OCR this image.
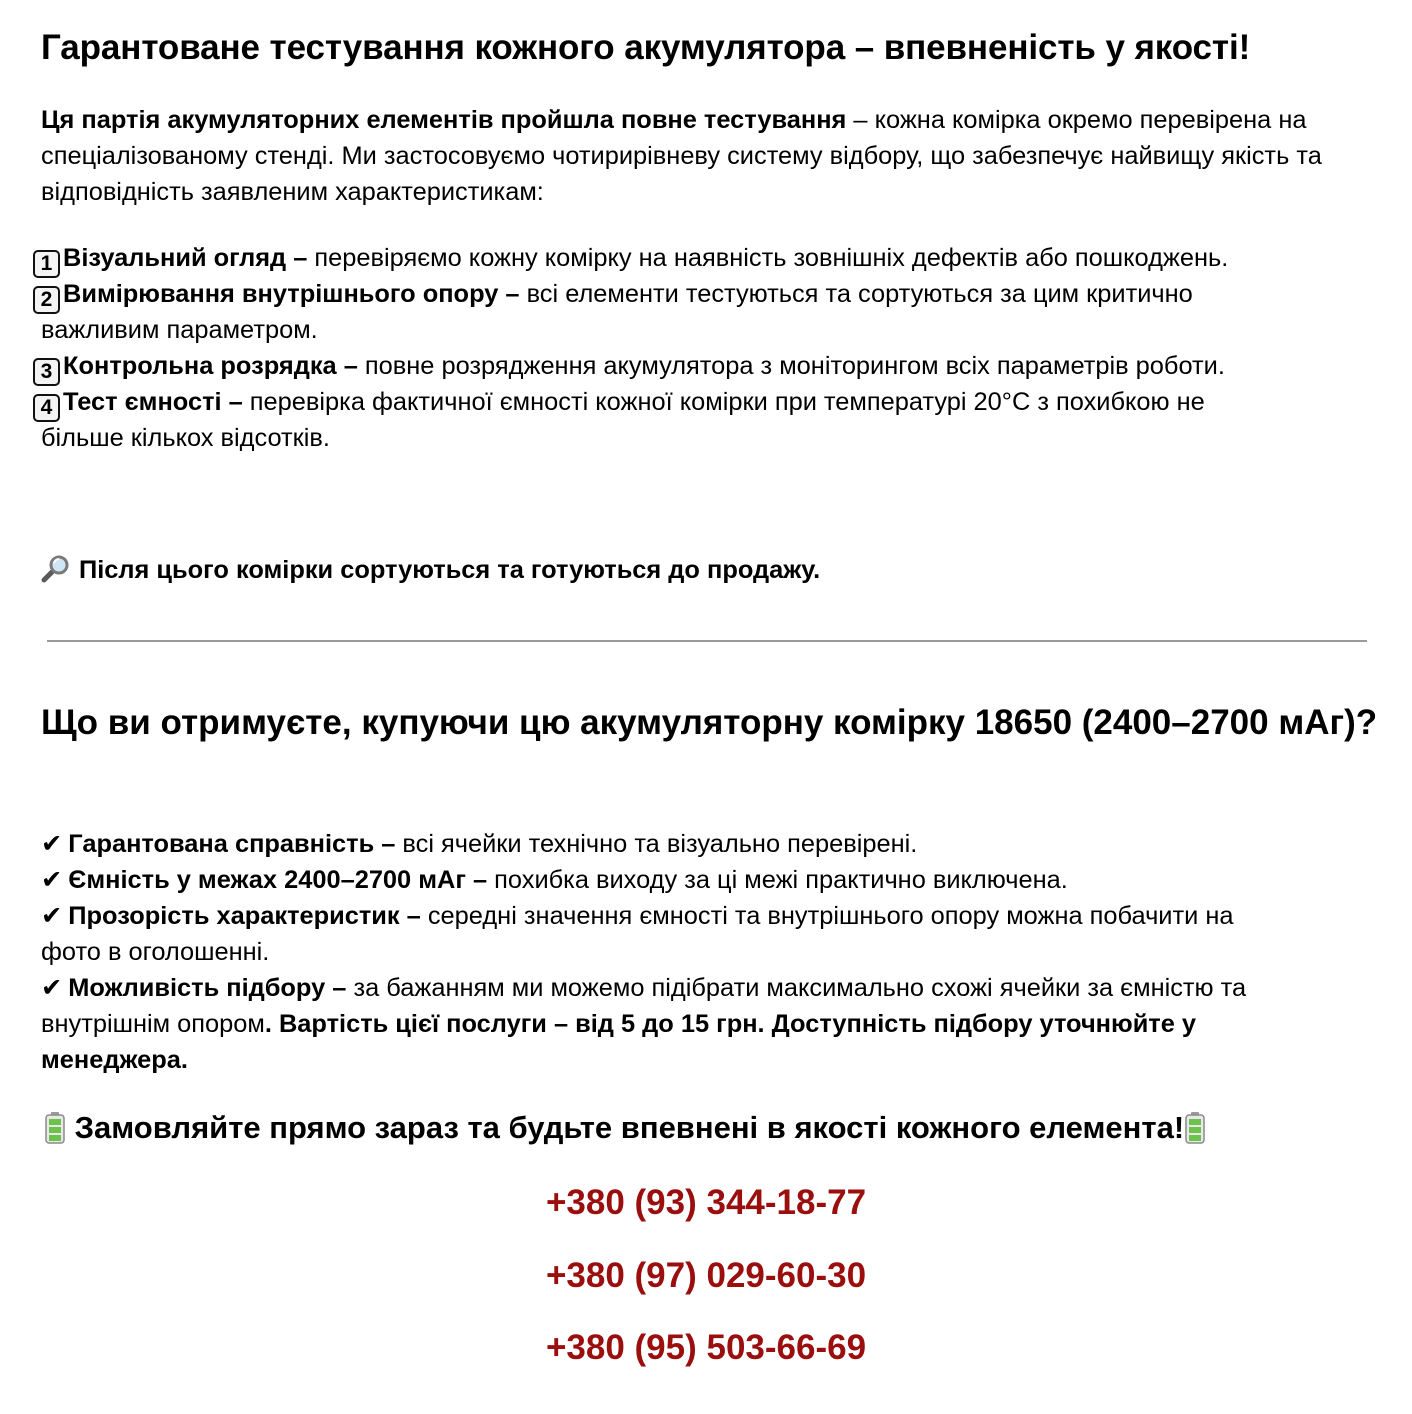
Гарантоване тестування кожного акумулятора – впевненість у якості!

Ця партія акумуляторних елементів пройшла повне тестування – кожна комірка окремо перевірена на спеціалізованому стенді. Ми застосовуємо чотирирівневу систему відбору, що забезпечує найвищу якість та відповідність заявленим характеристикам:

1 Візуальний огляд – перевіряємо кожну комірку на наявність зовнішніх дефектів або пошкоджень.
2 Вимірювання внутрішнього опору – всі елементи тестуються та сортуються за цим критично
важливим параметром.
3 Контрольна розрядка – повне розрядження акумулятора з моніторингом всіх параметрів роботи.
4 Тест ємності – перевірка фактичної ємності кожної комірки при температурі 20°C з похибкою не
більше кількох відсотків.
Після цього комірки сортуються та готуються до продажу.
Що ви отримуєте, купуючи цю акумуляторну комірку 18650 (2400–2700 мАг)?
✔ Гарантована справність – всі ячейки технічно та візуально перевірені.
✔ Ємність у межах 2400–2700 мАг – похибка виходу за ці межі практично виключена.
✔ Прозорість характеристик – середні значення ємності та внутрішнього опору можна побачити на
фото в оголошенні.
✔ Можливість підбору – за бажанням ми можемо підібрати максимально схожі ячейки за ємністю та
внутрішнім опором. Вартість цієї послуги – від 5 до 15 грн. Доступність підбору уточнюйте у
менеджера.
Замовляйте прямо зараз та будьте впевнені в якості кожного елемента!
+380 (93) 344-18-77
+380 (97) 029-60-30
+380 (95) 503-66-69
